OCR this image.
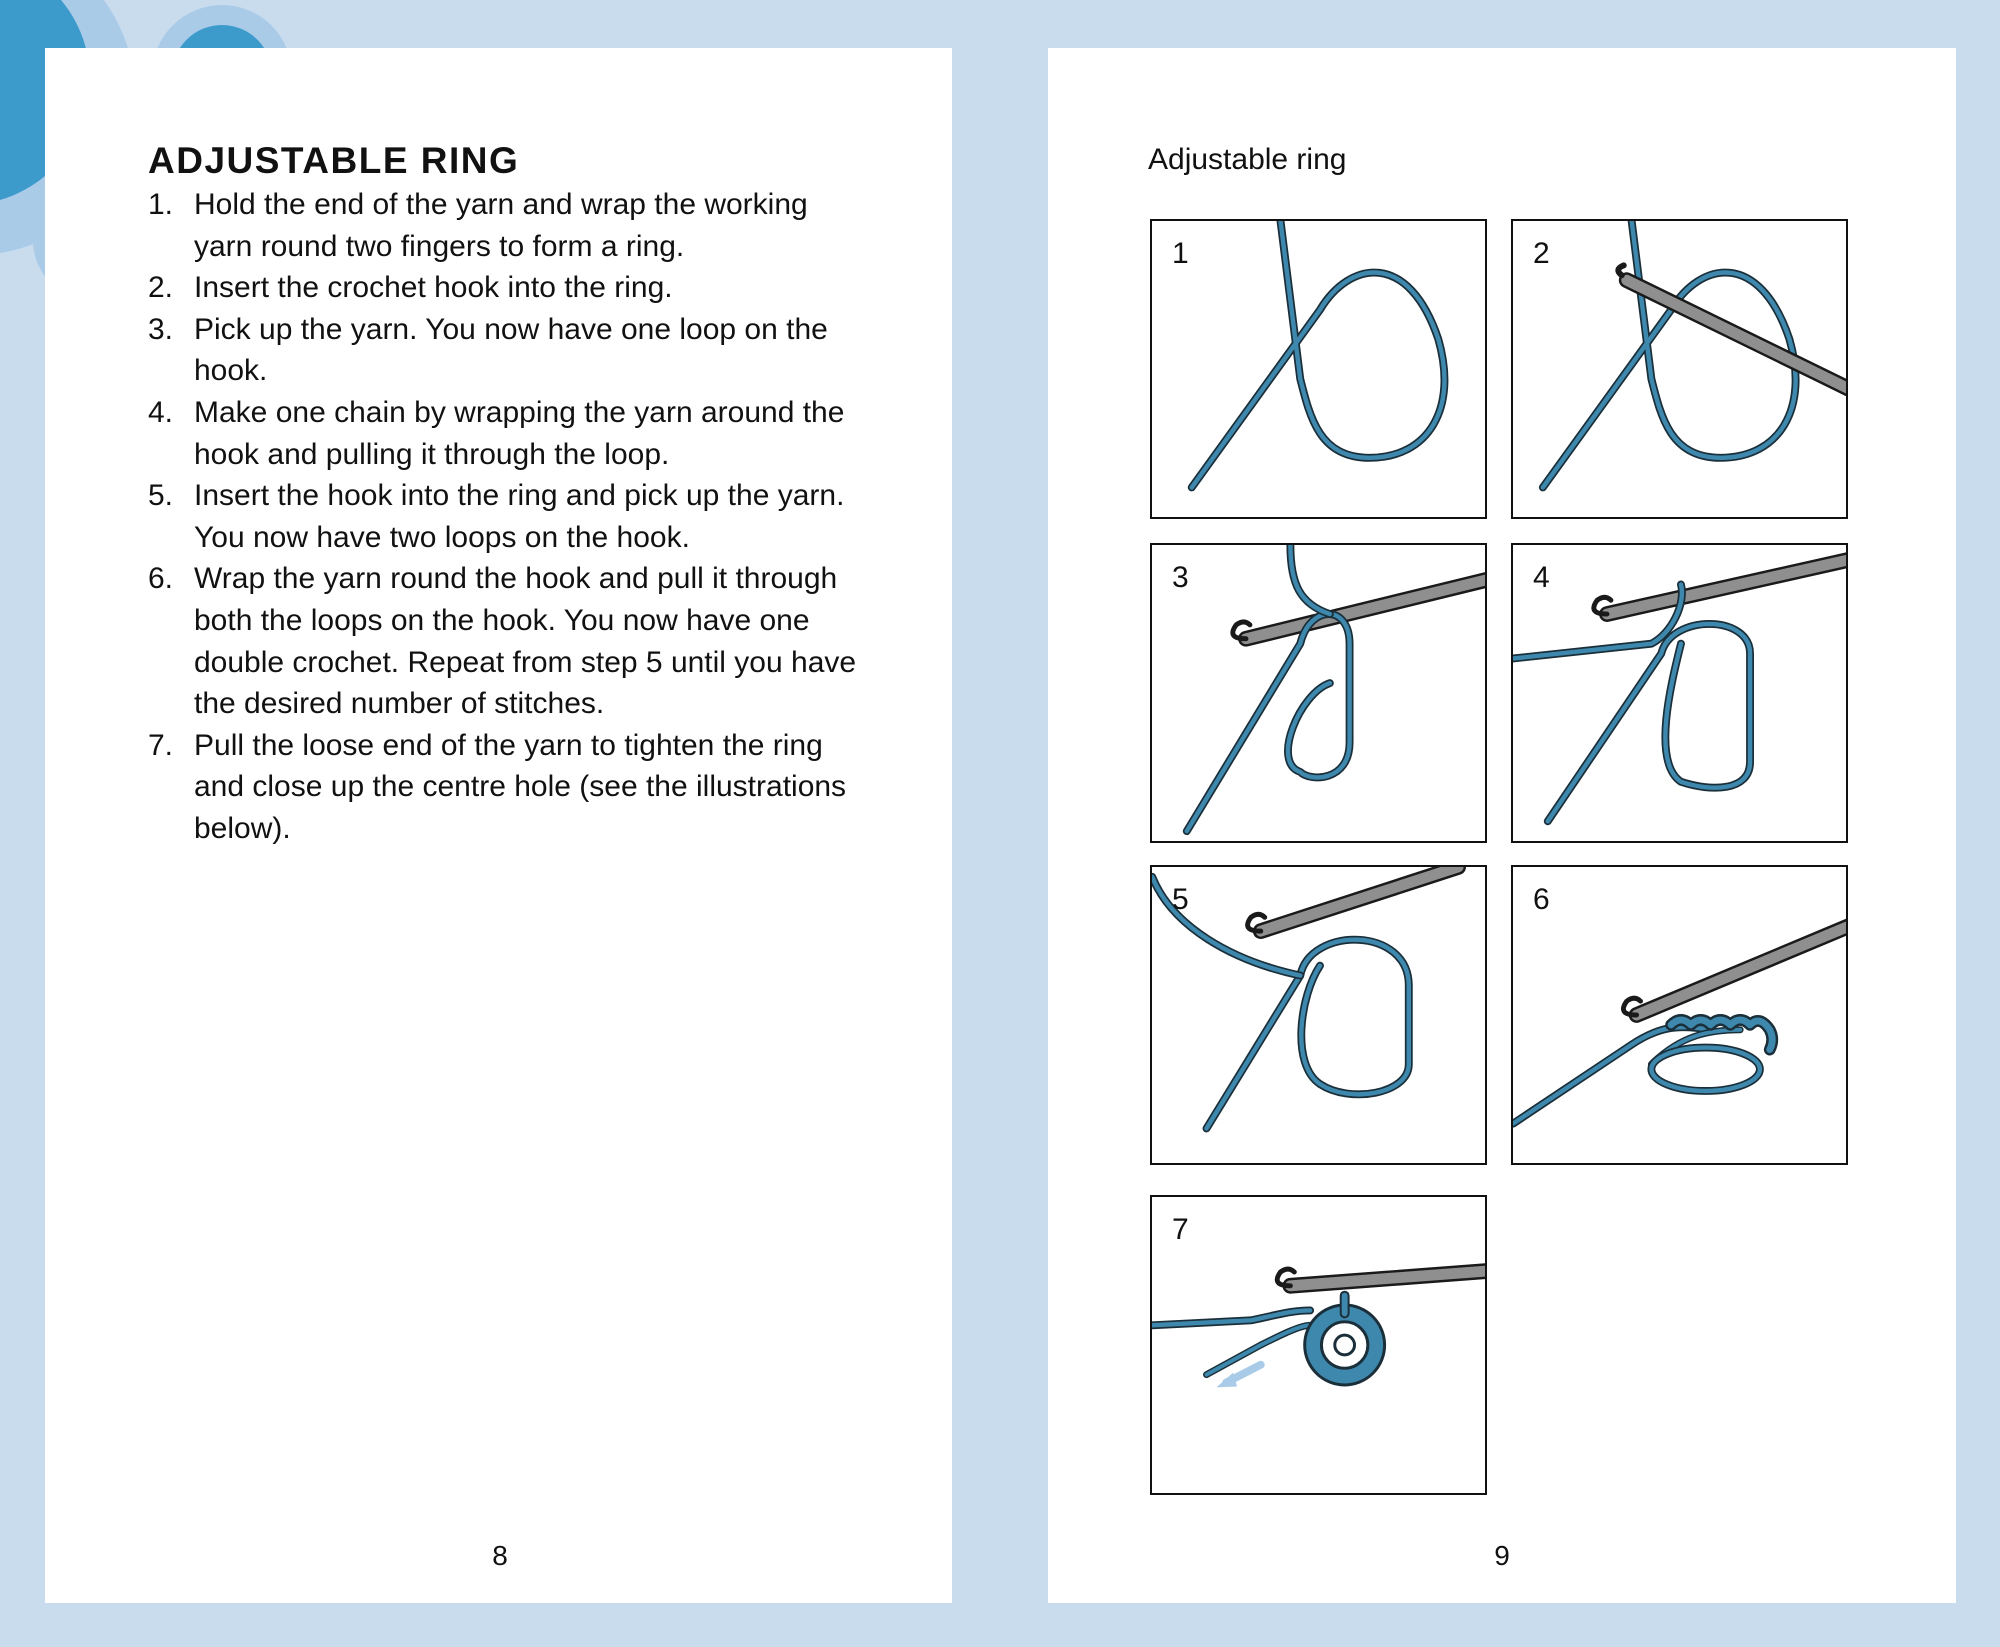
ADJUSTABLE RING
1. Hold the end of the yarn and wrap the working yarn round two fingers to form a ring.
2. Insert the crochet hook into the ring.
3. Pick up the yarn. You now have one loop on the hook.
4. Make one chain by wrapping the yarn around the hook and pulling it through the loop.
5. Insert the hook into the ring and pick up the yarn. You now have two loops on the hook.
6. Wrap the yarn round the hook and pull it through both the loops on the hook. You now have one double crochet. Repeat from step 5 until you have the desired number of stitches.
7. Pull the loose end of the yarn to tighten the ring and close up the centre hole (see the illustrations below).
8
Adjustable ring
1	2
3	4
5	6
7
9
